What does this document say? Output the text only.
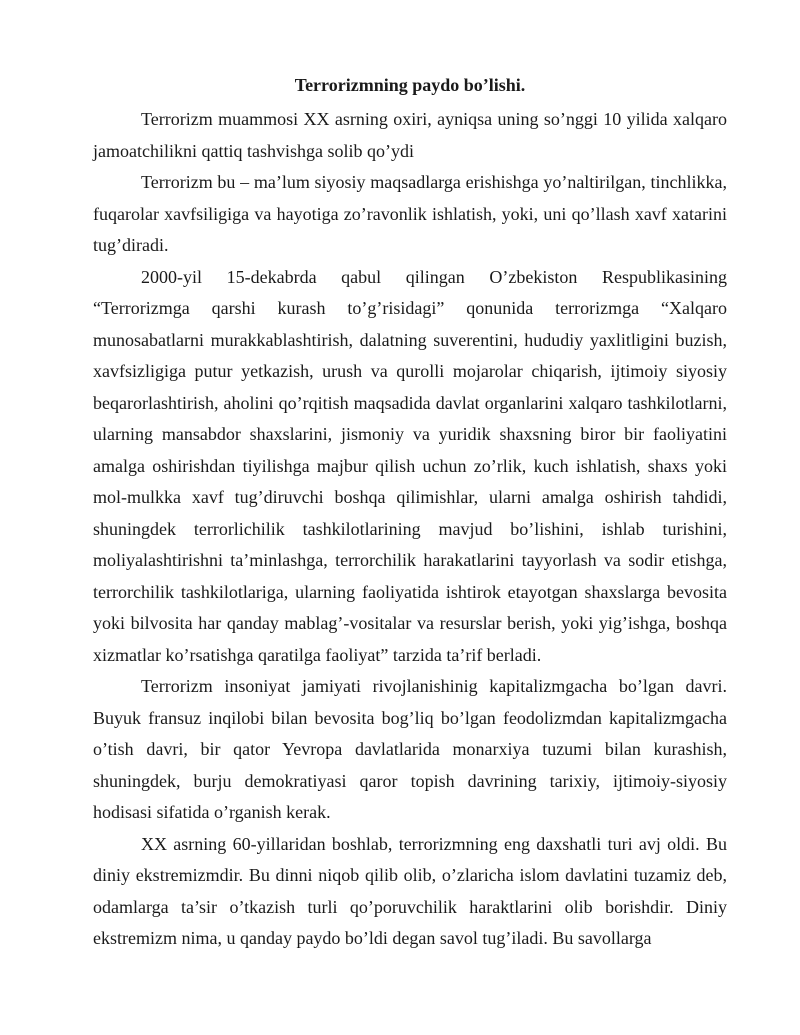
Terrorizmning paydo bo’lishi.

Terrorizm muammosi XX asrning oxiri, ayniqsa uning so’nggi 10 yilida xalqaro jamoatchilikni qattiq tashvishga solib qo’ydi

Terrorizm bu – ma’lum siyosiy maqsadlarga erishishga yo’naltirilgan, tinchlikka, fuqarolar xavfsiligiga va hayotiga zo’ravonlik ishlatish, yoki, uni qo’llash xavf xatarini tug’diradi.

2000-yil 15-dekabrda qabul qilingan O’zbekiston Respublikasining “Terrorizmga qarshi kurash to’g’risidagi” qonunida terrorizmga “Xalqaro munosabatlarni murakkablashtirish, dalatning suverentini, hududiy yaxlitligini buzish, xavfsizligiga putur yetkazish, urush va qurolli mojarolar chiqarish, ijtimoiy siyosiy beqarorlashtirish, aholini qo’rqitish maqsadida davlat organlarini xalqaro tashkilotlarni, ularning mansabdor shaxslarini, jismoniy va yuridik shaxsning biror bir faoliyatini amalga oshirishdan tiyilishga majbur qilish uchun zo’rlik, kuch ishlatish, shaxs yoki mol-mulkka xavf tug’diruvchi boshqa qilimishlar, ularni amalga oshirish tahdidi, shuningdek terrorlichilik tashkilotlarining mavjud bo’lishini, ishlab turishini, moliyalashtirishni ta’minlashga, terrorchilik harakatlarini tayyorlash va sodir etishga, terrorchilik tashkilotlariga, ularning faoliyatida ishtirok etayotgan shaxslarga bevosita yoki bilvosita har qanday mablag’-vositalar va resurslar berish, yoki yig’ishga, boshqa xizmatlar ko’rsatishga qaratilga faoliyat” tarzida ta’rif berladi.

Terrorizm insoniyat jamiyati rivojlanishinig kapitalizmgacha bo’lgan davri. Buyuk fransuz inqilobi bilan bevosita bog’liq bo’lgan feodolizmdan kapitalizmgacha o’tish davri, bir qator Yevropa davlatlarida monarxiya tuzumi bilan kurashish, shuningdek, burju demokratiyasi qaror topish davrining tarixiy, ijtimoiy-siyosiy hodisasi sifatida o’rganish kerak.

XX asrning 60-yillaridan boshlab, terrorizmning eng daxshatli turi avj oldi. Bu diniy ekstremizmdir. Bu dinni niqob qilib olib, o’zlaricha islom davlatini tuzamiz deb, odamlarga ta’sir o’tkazish turli qo’poruvchilik haraktlarini olib borishdir. Diniy ekstremizm nima, u qanday paydo bo’ldi degan savol tug’iladi. Bu savollarga
